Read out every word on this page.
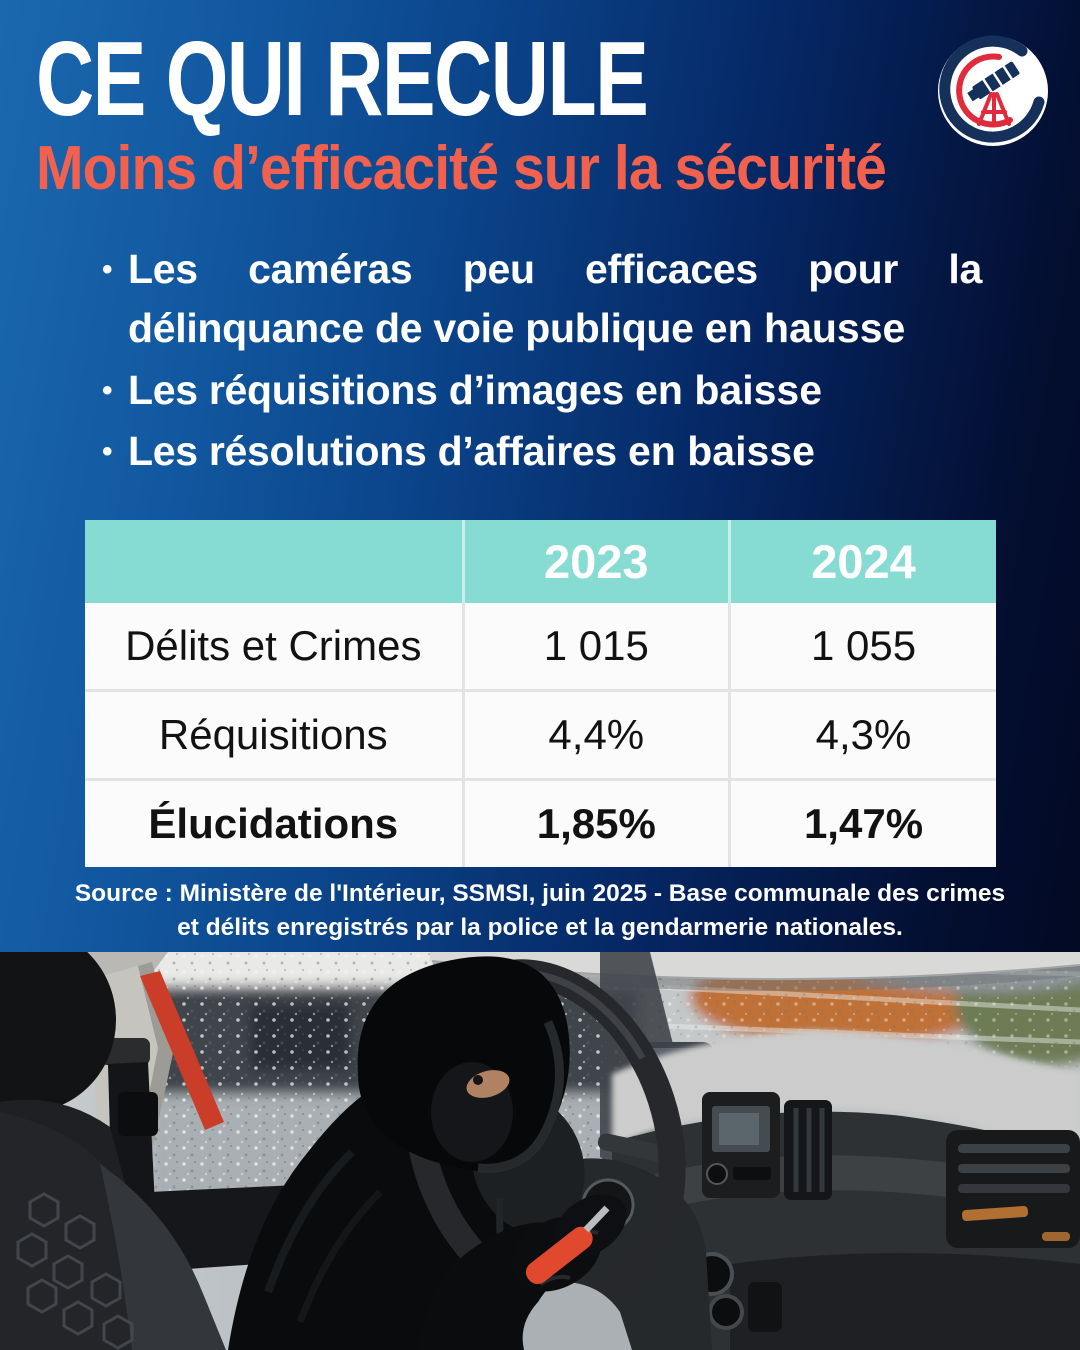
CE QUI RECULE
Moins d’efficacité sur la sécurité
• Les caméras peu efficaces pour la délinquance de voie publique en hausse
• Les réquisitions d’images en baisse
• Les résolutions d’affaires en baisse
	2023	2024
Délits et Crimes	1 015	1 055
Réquisitions	4,4%	4,3%
Élucidations	1,85%	1,47%

Source : Ministère de l'Intérieur, SSMSI, juin 2025 - Base communale des crimes
et délits enregistrés par la police et la gendarmerie nationales.
